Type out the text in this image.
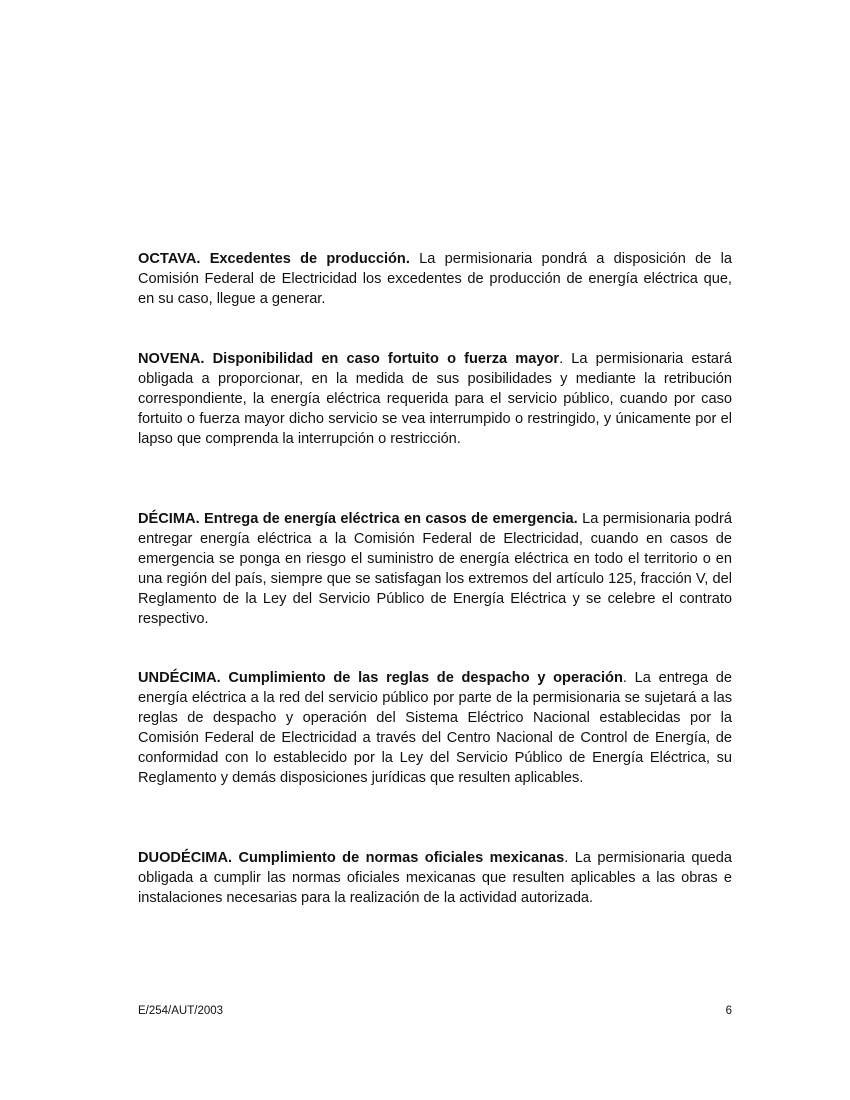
OCTAVA. Excedentes de producción. La permisionaria pondrá a disposición de la Comisión Federal de Electricidad los excedentes de producción de energía eléctrica que, en su caso, llegue a generar.

NOVENA. Disponibilidad en caso fortuito o fuerza mayor. La permisionaria estará obligada a proporcionar, en la medida de sus posibilidades y mediante la retribución correspondiente, la energía eléctrica requerida para el servicio público, cuando por caso fortuito o fuerza mayor dicho servicio se vea interrumpido o restringido, y únicamente por el lapso que comprenda la interrupción o restricción.

DÉCIMA. Entrega de energía eléctrica en casos de emergencia. La permisionaria podrá entregar energía eléctrica a la Comisión Federal de Electricidad, cuando en casos de emergencia se ponga en riesgo el suministro de energía eléctrica en todo el territorio o en una región del país, siempre que se satisfagan los extremos del artículo 125, fracción V, del Reglamento de la Ley del Servicio Público de Energía Eléctrica y se celebre el contrato respectivo.

UNDÉCIMA. Cumplimiento de las reglas de despacho y operación. La entrega de energía eléctrica a la red del servicio público por parte de la permisionaria se sujetará a las reglas de despacho y operación del Sistema Eléctrico Nacional establecidas por la Comisión Federal de Electricidad a través del Centro Nacional de Control de Energía, de conformidad con lo establecido por la Ley del Servicio Público de Energía Eléctrica, su Reglamento y demás disposiciones jurídicas que resulten aplicables.

DUODÉCIMA. Cumplimiento de normas oficiales mexicanas. La permisionaria queda obligada a cumplir las normas oficiales mexicanas que resulten aplicables a las obras e instalaciones necesarias para la realización de la actividad autorizada.

E/254/AUT/2003	6
